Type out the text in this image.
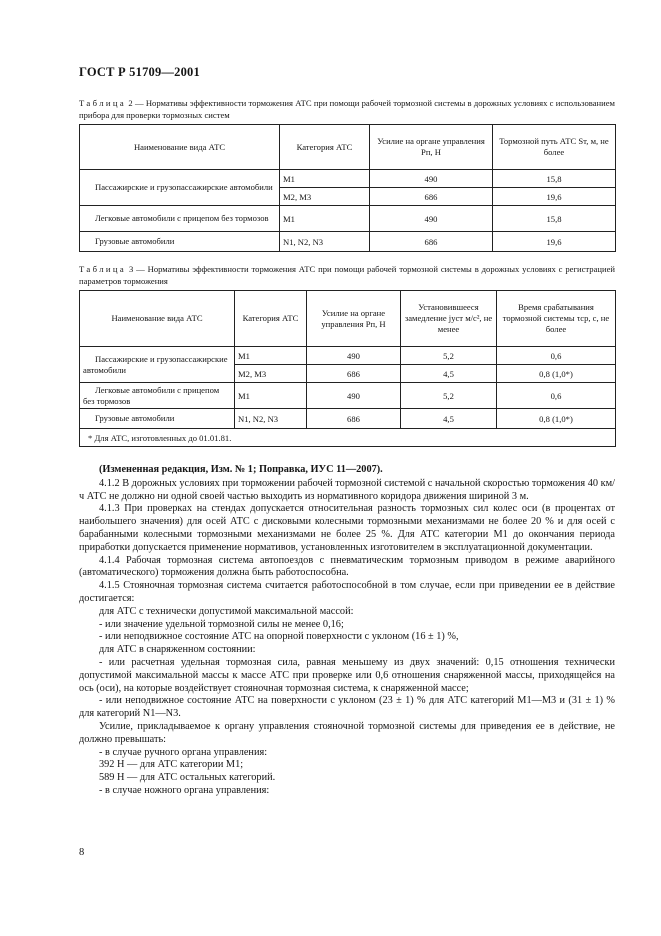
ГОСТ Р 51709—2001
Таблица 2 — Нормативы эффективности торможения АТС при помощи рабочей тормозной системы в дорожных условиях с использованием прибора для проверки тормозных систем
Наименование вида АТС	Категория АТС	Усилие на органе управления Pп, Н	Тормозной путь АТС Sт, м, не более
Пассажирские и грузопассажирские автомобили	M1	490	15,8
	M2, M3	686	19,6
Легковые автомобили с прицепом без тормозов	M1	490	15,8
Грузовые автомобили	N1, N2, N3	686	19,6
Таблица 3 — Нормативы эффективности торможения АТС при помощи рабочей тормозной системы в дорожных условиях с регистрацией параметров торможения
Наименование вида АТС	Категория АТС	Усилие на органе управления Pп, Н	Установившееся замедление jуст м/с², не менее	Время срабатывания тормозной системы τср, с, не более
Пассажирские и грузопассажирские автомобили	M1	490	5,2	0,6
	M2, M3	686	4,5	0,8 (1,0*)
Легковые автомобили с прицепом без тормозов	M1	490	5,2	0,6
Грузовые автомобили	N1, N2, N3	686	4,5	0,8 (1,0*)
* Для АТС, изготовленных до 01.01.81.				

(Измененная редакция, Изм. № 1; Поправка, ИУС 11—2007).

4.1.2 В дорожных условиях при торможении рабочей тормозной системой с начальной скоростью торможения 40 км/ч АТС не должно ни одной своей частью выходить из нормативного коридора движения шириной 3 м.

4.1.3 При проверках на стендах допускается относительная разность тормозных сил колес оси (в процентах от наибольшего значения) для осей АТС с дисковыми колесными тормозными механизмами не более 20 % и для осей с барабанными колесными тормозными механизмами не более 25 %. Для АТС категории M1 до окончания периода приработки допускается применение нормативов, установленных изготовителем в эксплуатационной документации.

4.1.4 Рабочая тормозная система автопоездов с пневматическим тормозным приводом в режиме аварийного (автоматического) торможения должна быть работоспособна.

4.1.5 Стояночная тормозная система считается работоспособной в том случае, если при приведении ее в действие достигается:

для АТС с технически допустимой максимальной массой:

- или значение удельной тормозной силы не менее 0,16;

- или неподвижное состояние АТС на опорной поверхности с уклоном (16 ± 1) %,

для АТС в снаряженном состоянии:

- или расчетная удельная тормозная сила, равная меньшему из двух значений: 0,15 отношения технически допустимой максимальной массы к массе АТС при проверке или 0,6 отношения снаряженной массы, приходящейся на ось (оси), на которые воздействует стояночная тормозная система, к снаряженной массе;

- или неподвижное состояние АТС на поверхности с уклоном (23 ± 1) % для АТС категорий M1—M3 и (31 ± 1) % для категорий N1—N3.

Усилие, прикладываемое к органу управления стояночной тормозной системы для приведения ее в действие, не должно превышать:

- в случае ручного органа управления:

392 Н — для АТС категории M1;

589 Н — для АТС остальных категорий.

- в случае ножного органа управления:

8
